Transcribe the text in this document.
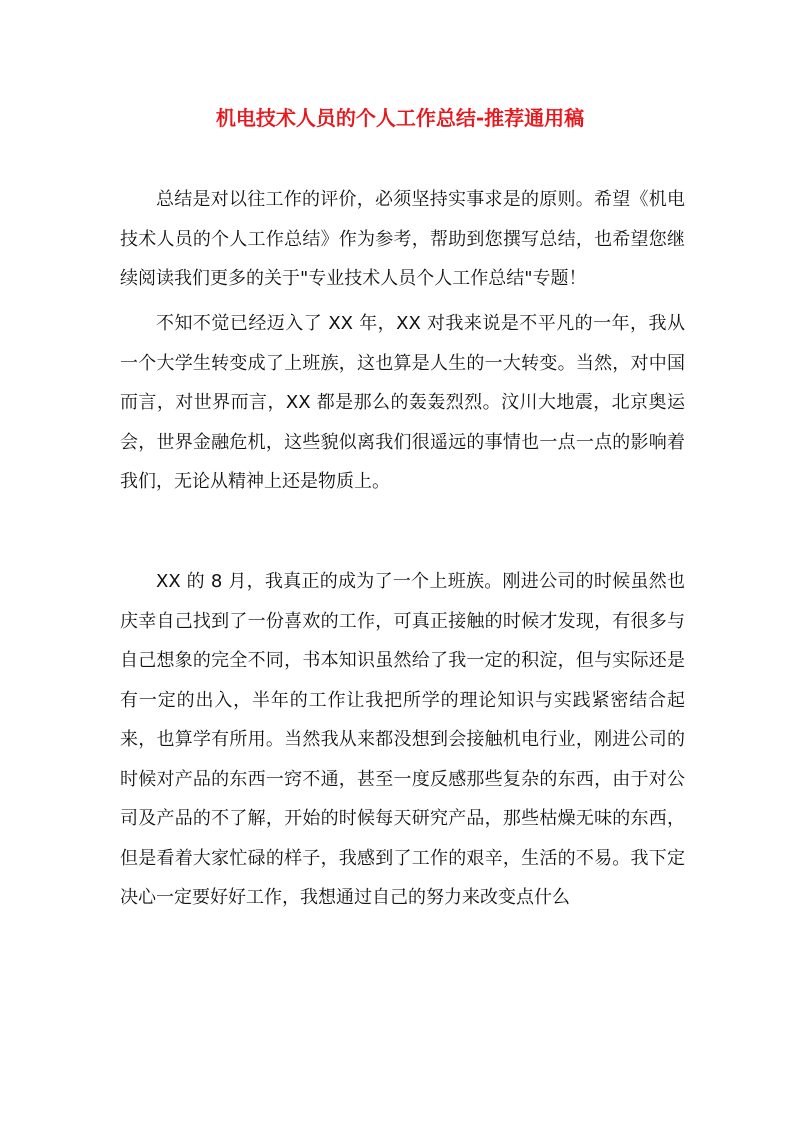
机电技术人员的个人工作总结-推荐通用稿

总结是对以往工作的评价，必须坚持实事求是的原则。希望《机电技术人员的个人工作总结》作为参考，帮助到您撰写总结，也希望您继续阅读我们更多的关于"专业技术人员个人工作总结"专题！

不知不觉已经迈入了 XX 年，XX 对我来说是不平凡的一年，我从一个大学生转变成了上班族，这也算是人生的一大转变。当然，对中国而言，对世界而言，XX 都是那么的轰轰烈烈。汶川大地震，北京奥运会，世界金融危机，这些貌似离我们很遥远的事情也一点一点的影响着我们，无论从精神上还是物质上。

XX 的 8 月，我真正的成为了一个上班族。刚进公司的时候虽然也庆幸自己找到了一份喜欢的工作，可真正接触的时候才发现，有很多与自己想象的完全不同，书本知识虽然给了我一定的积淀，但与实际还是有一定的出入，半年的工作让我把所学的理论知识与实践紧密结合起来，也算学有所用。当然我从来都没想到会接触机电行业，刚进公司的时候对产品的东西一窍不通，甚至一度反感那些复杂的东西，由于对公司及产品的不了解，开始的时候每天研究产品，那些枯燥无味的东西，但是看着大家忙碌的样子，我感到了工作的艰辛，生活的不易。我下定决心一定要好好工作，我想通过自己的努力来改变点什么
